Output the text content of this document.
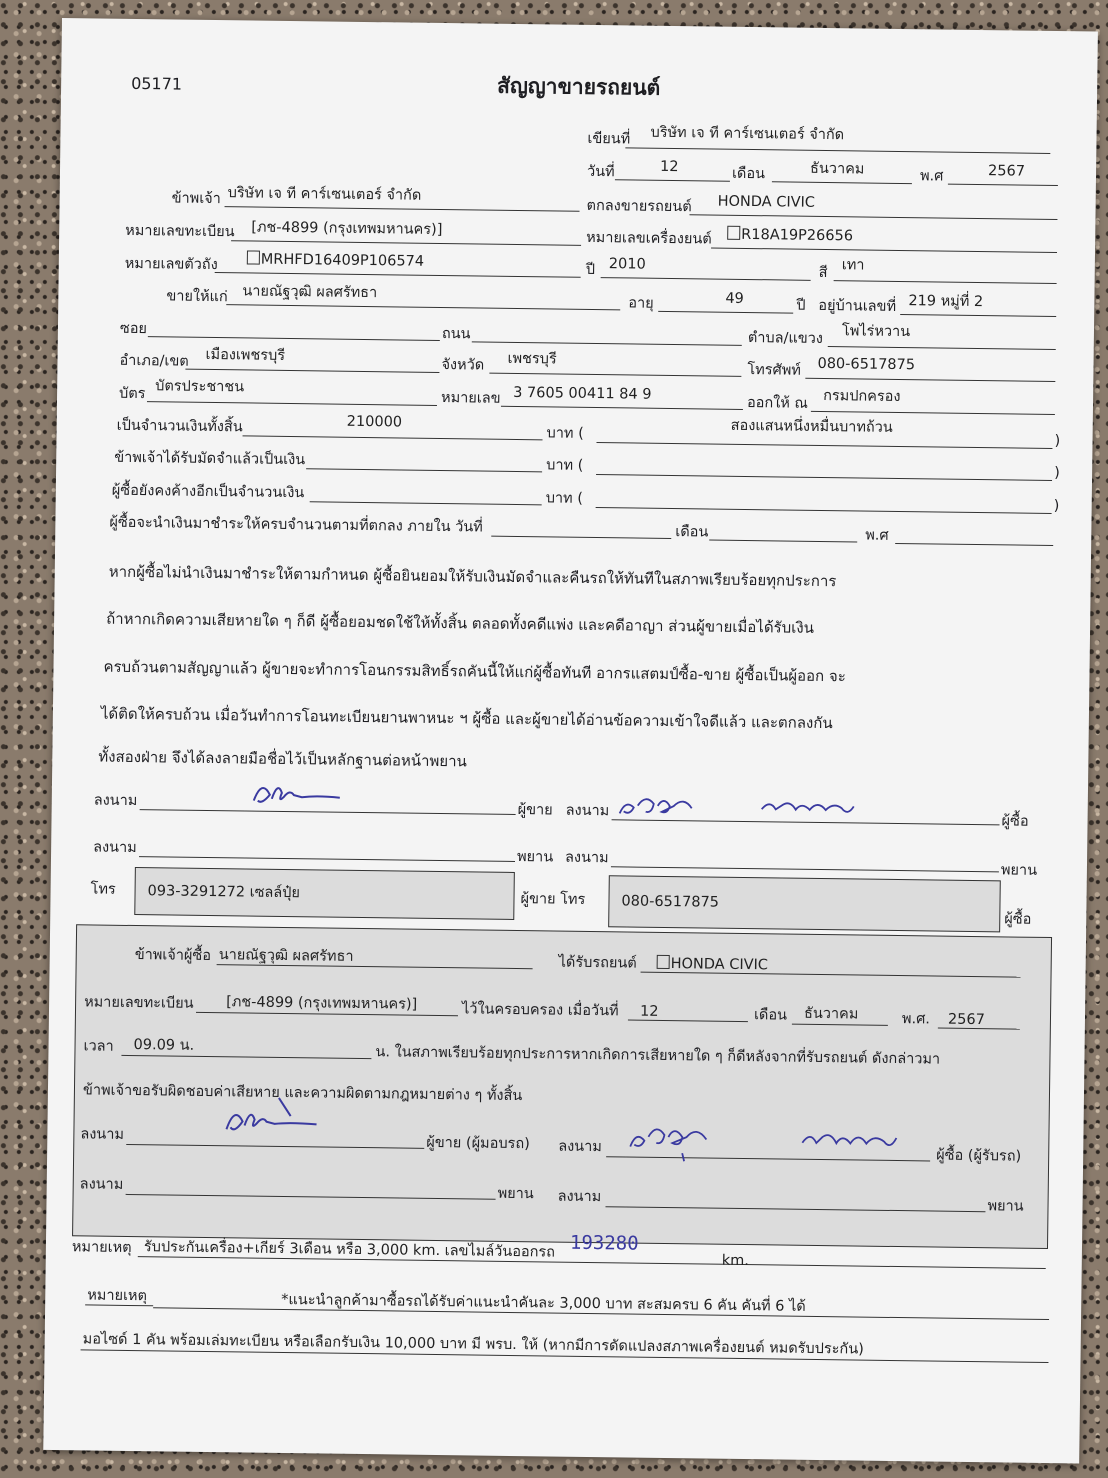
05171	สัญญาขายรถยนต์
เขียนที่ บริษัท เจ ที คาร์เซนเตอร์ จำกัด
วันที่	12	เดือน	ธันวาคม	พ.ศ	2567
ข้าพเจ้า บริษัท เจ ที คาร์เซนเตอร์ จำกัด
ตกลงขายรถยนต์ HONDA CIVIC
หมายเลขทะเบียน [ภช-4899 (กรุงเทพมหานคร)]
หมายเลขเครื่องยนต์	R18A19P26656
หมายเลขตัวถัง	MRHFD16409P106574
ปี 2010
สี เทา
ขายให้แก่ นายณัฐวุฒิ ผลศรัทธา
อายุ	49	ปี อยู่บ้านเลขที่ 219 หมู่ที่ 2
ซอย	ถนน	ตำบล/แขวง โพไร่หวาน
อำเภอ/เขต เมืองเพชรบุรี
จังหวัด เพชรบุรี
โทรศัพท์ 080-6517875
บัตร บัตรประชาชน
หมายเลข 3 7605 00411 84 9
ออกให้ ณ กรมปกครอง
เป็นจำนวนเงินทั้งสิ้น	210000
บาท (	สองแสนหนึ่งหมื่นบาทถ้วน
)
ข้าพเจ้าได้รับมัดจำแล้วเป็นเงิน	บาท (	)
ผู้ซื้อยังคงค้างอีกเป็นจำนวนเงิน	บาท (	)
ผู้ซื้อจะนำเงินมาชำระให้ครบจำนวนตามที่ตกลง ภายใน วันที่	เดือน	พ.ศ
หากผู้ซื้อไม่นำเงินมาชำระให้ตามกำหนด ผู้ซื้อยินยอมให้รับเงินมัดจำและคืนรถให้ทันทีในสภาพเรียบร้อยทุกประการ
ถ้าหากเกิดความเสียหายใด ๆ ก็ดี ผู้ซื้อยอมชดใช้ให้ทั้งสิ้น ตลอดทั้งคดีแพ่ง และคดีอาญา ส่วนผู้ขายเมื่อได้รับเงิน
ครบถ้วนตามสัญญาแล้ว ผู้ขายจะทำการโอนกรรมสิทธิ์รถคันนี้ให้แก่ผู้ซื้อทันที อากรแสตมป์ซื้อ-ขาย ผู้ซื้อเป็นผู้ออก จะ
ได้ติดให้ครบถ้วน เมื่อวันทำการโอนทะเบียนยานพาหนะ ฯ ผู้ซื้อ และผู้ขายได้อ่านข้อความเข้าใจดีแล้ว และตกลงกัน
ทั้งสองฝ่าย จึงได้ลงลายมือชื่อไว้เป็นหลักฐานต่อหน้าพยาน
ลงนาม
ผู้ขาย ลงนาม
ผู้ซื้อ
ลงนาม
พยาน ลงนาม
พยาน
โทร 093-3291272 เซลล์ปุ๋ย	ผู้ขาย โทร 080-6517875
ผู้ซื้อ
ข้าพเจ้าผู้ซื้อ นายณัฐวุฒิ ผลศรัทธา	ได้รับรถยนต์	HONDA CIVIC
หมายเลขทะเบียน [ภช-4899 (กรุงเทพมหานคร)]	ไว้ในครอบครอง เมื่อวันที่ 12	เดือน ธันวาคม	พ.ศ. 2567
เวลา 09.09 น.	น. ในสภาพเรียบร้อยทุกประการหากเกิดการเสียหายใด ๆ ก็ดีหลังจากที่รับรถยนต์ ดังกล่าวมา
ข้าพเจ้าขอรับผิดชอบค่าเสียหาย และความผิดตามกฎหมายต่าง ๆ ทั้งสิ้น
ลงนาม
ผู้ขาย (ผู้มอบรถ) ลงนาม
ผู้ซื้อ (ผู้รับรถ)
ลงนาม
พยาน ลงนาม
พยาน
หมายเหตุ รับประกันเครื่อง+เกียร์ 3เดือน หรือ 3,000 km. เลขไมล์วันออกรถ 193280
km.
หมายเหตุ	*แนะนำลูกค้ามาซื้อรถได้รับค่าแนะนำคันละ 3,000 บาท สะสมครบ 6 คัน คันที่ 6 ได้
มอไซด์ 1 คัน พร้อมเล่มทะเบียน หรือเลือกรับเงิน 10,000 บาท มี พรบ. ให้ (หากมีการดัดแปลงสภาพเครื่องยนต์ หมดรับประกัน)
